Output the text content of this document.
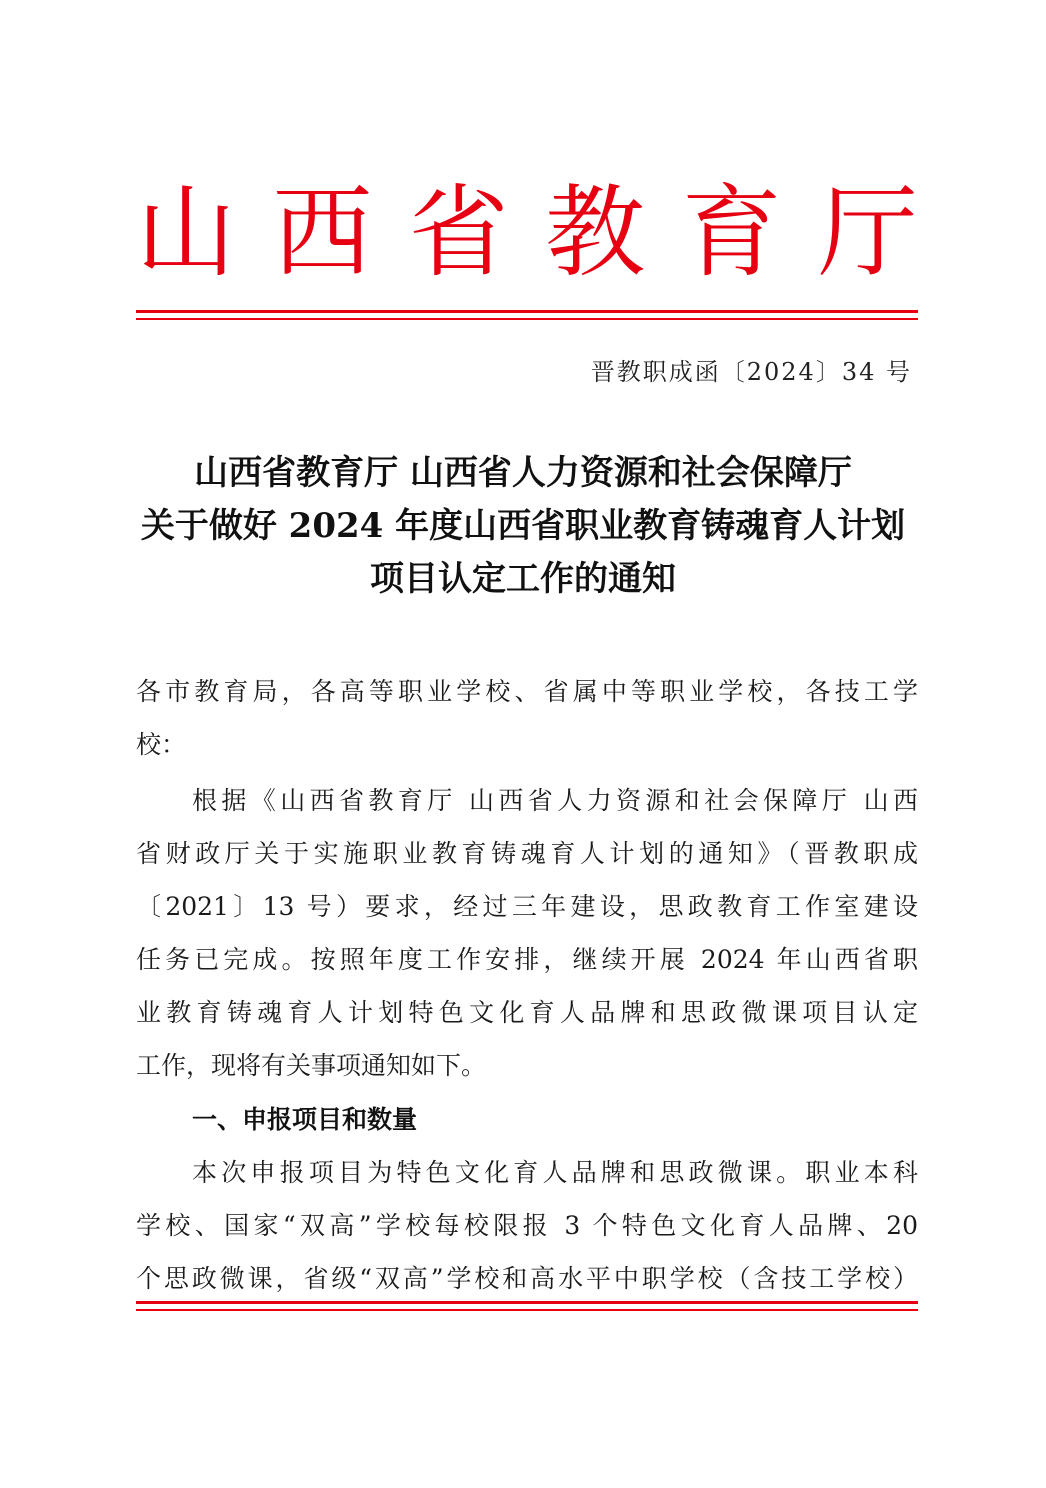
山 西 省 教 育 厅
晋教职成函〔2024〕34 号
山西省教育厅 山西省人力资源和社会保障厅
关于做好 2024 年度山西省职业教育铸魂育人计划
项目认定工作的通知
各市教育局，各高等职业学校、省属中等职业学校，各技工学
校：
根据《山西省教育厅 山西省人力资源和社会保障厅 山西
省财政厅关于实施职业教育铸魂育人计划的通知》（晋教职成
〔2021〕13 号）要求，经过三年建设，思政教育工作室建设
任务已完成。按照年度工作安排，继续开展 2024 年山西省职
业教育铸魂育人计划特色文化育人品牌和思政微课项目认定
工作，现将有关事项通知如下。
一、申报项目和数量
本次申报项目为特色文化育人品牌和思政微课。职业本科
学校、国家“双高”学校每校限报 3 个特色文化育人品牌、20
个思政微课，省级“双高”学校和高水平中职学校（含技工学校）
